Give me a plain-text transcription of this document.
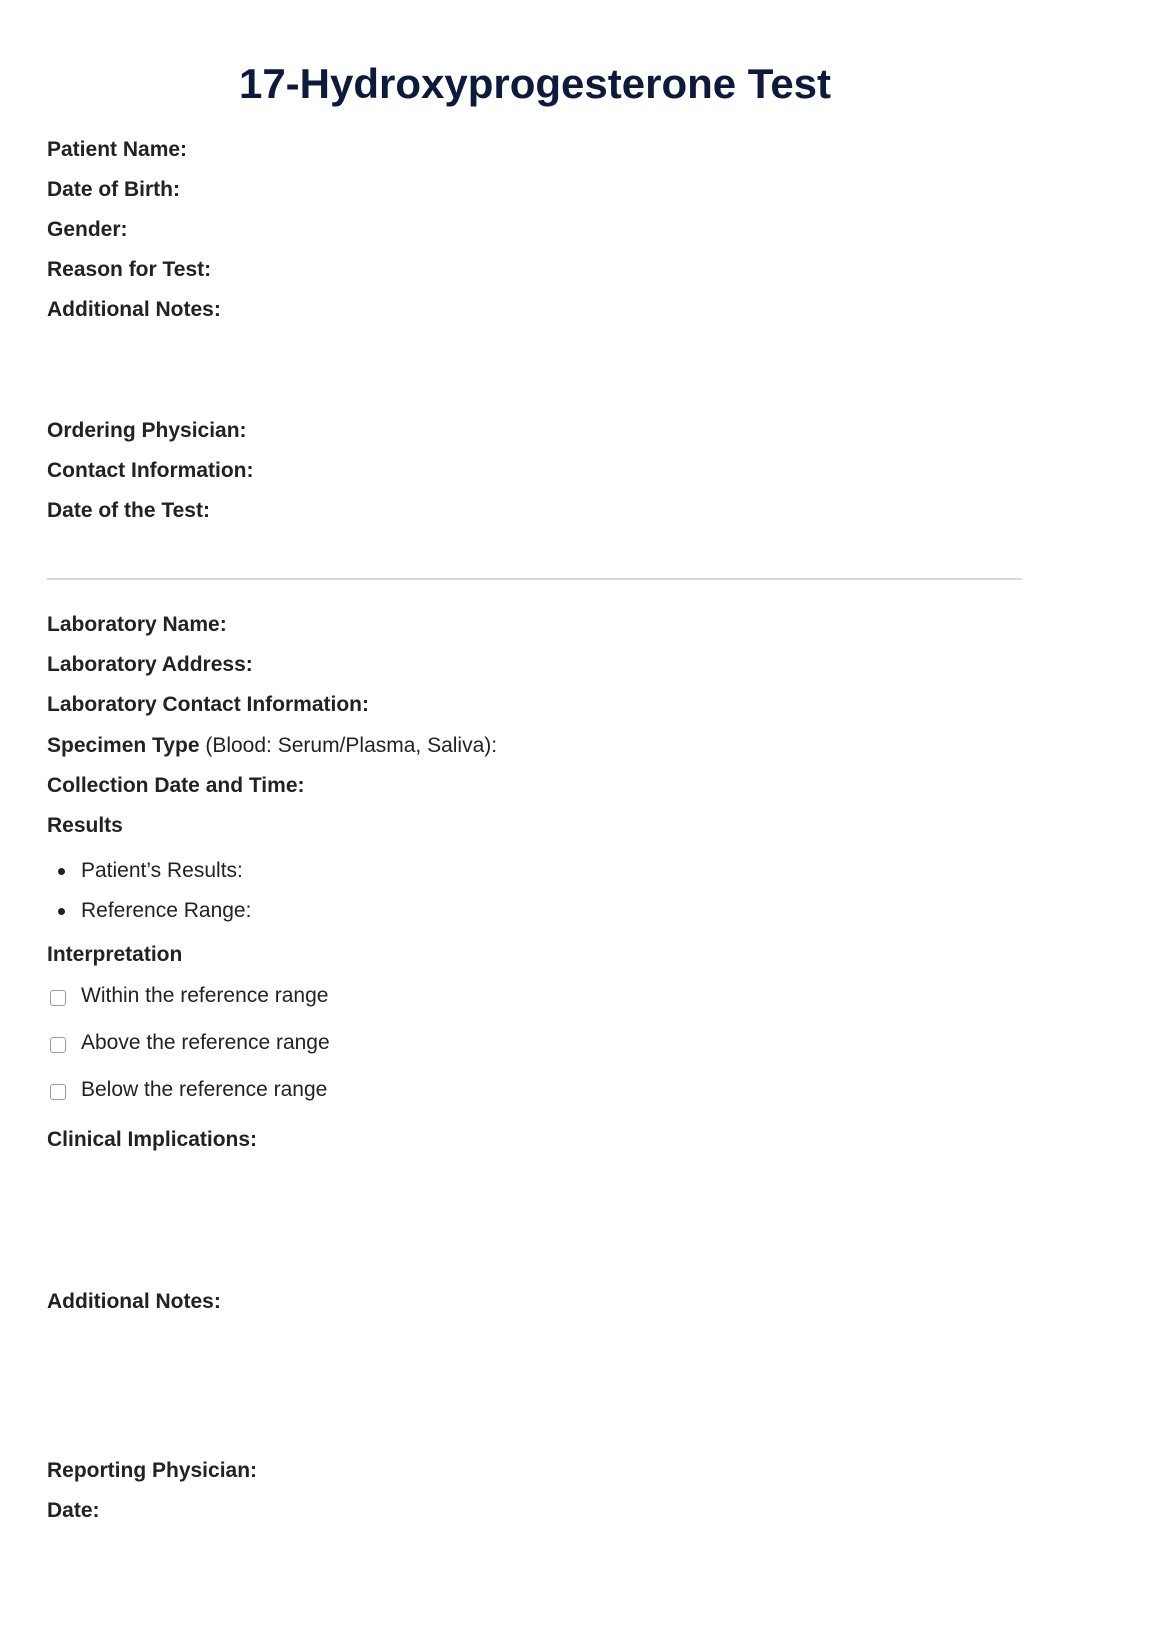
17-Hydroxyprogesterone Test
Patient Name:
Date of Birth:
Gender:
Reason for Test:
Additional Notes:
Ordering Physician:
Contact Information:
Date of the Test:
Laboratory Name:
Laboratory Address:
Laboratory Contact Information:
Specimen Type (Blood: Serum/Plasma, Saliva):
Collection Date and Time:
Results
Patient’s Results:
Reference Range:
Interpretation
Within the reference range
Above the reference range
Below the reference range
Clinical Implications:
Additional Notes:
Reporting Physician:
Date:
